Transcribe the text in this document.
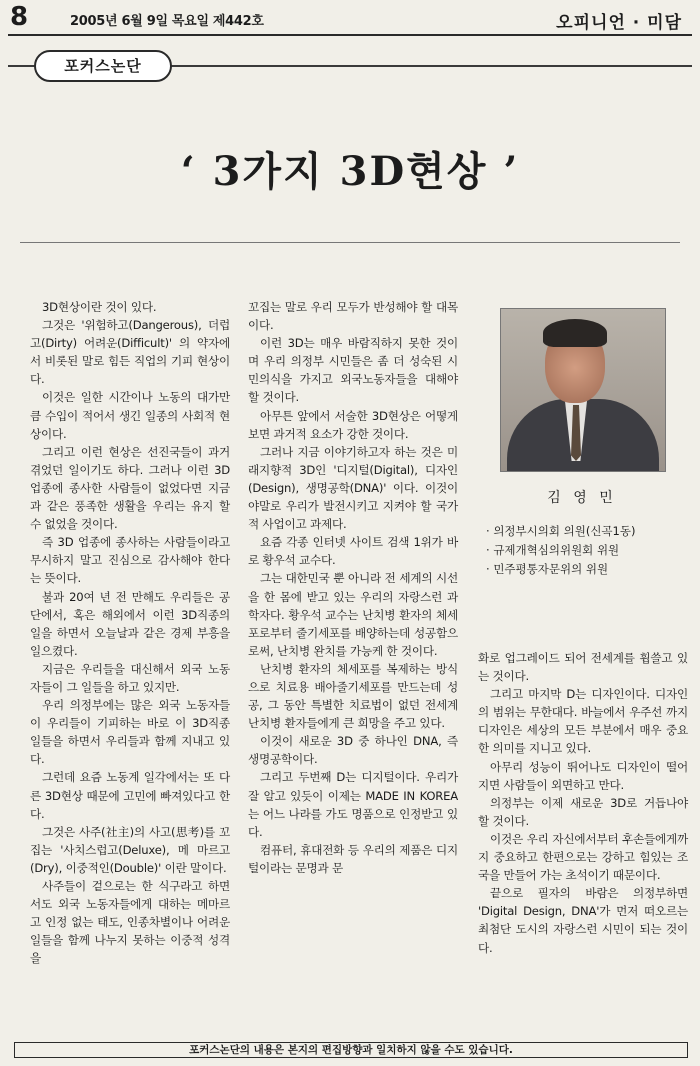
8	2005년 6월 9일 목요일 제442호	오피니언 · 미담
포커스논단
‘ 3가지 3D현상 ’

3D현상이란 것이 있다.

그것은 '위험하고(Dangerous), 더럽고(Dirty) 어려운(Difficult)' 의 약자에서 비롯된 말로 힘든 직업의 기피 현상이다.

이것은 일한 시간이나 노동의 대가만큼 수입이 적어서 생긴 일종의 사회적 현상이다.

그리고 이런 현상은 선진국들이 과거 겪었던 일이기도 하다. 그러나 이런 3D업종에 종사한 사람들이 없었다면 지금과 같은 풍족한 생활을 우리는 유지 할 수 없었을 것이다.

즉 3D 업종에 종사하는 사람들이라고 무시하지 말고 진심으로 감사해야 한다는 뜻이다.

불과 20여 년 전 만해도 우리들은 공단에서, 혹은 해외에서 이런 3D직종의 일을 하면서 오늘날과 같은 경제 부흥을 일으켰다.

지금은 우리들을 대신해서 외국 노동자들이 그 일들을 하고 있지만.

우리 의정부에는 많은 외국 노동자들이 우리들이 기피하는 바로 이 3D직종 일들을 하면서 우리들과 함께 지내고 있다.

그런데 요즘 노동계 일각에서는 또 다른 3D현상 때문에 고민에 빠져있다고 한다.

그것은 사주(社主)의 사고(思考)를 꼬집는 '사치스럽고(Deluxe), 메 마르고(Dry), 이중적인(Double)' 이란 말이다.

사주들이 겉으로는 한 식구라고 하면서도 외국 노동자들에게 대하는 메마르고 인정 없는 태도, 인종차별이나 어려운 일들을 함께 나누지 못하는 이중적 성격을

꼬집는 말로 우리 모두가 반성해야 할 대목이다.

이런 3D는 매우 바람직하지 못한 것이며 우리 의정부 시민들은 좀 더 성숙된 시민의식을 가지고 외국노동자들을 대해야 할 것이다.

아무튼 앞에서 서술한 3D현상은 어떻게 보면 과거적 요소가 강한 것이다.

그러나 지금 이야기하고자 하는 것은 미래지향적 3D인 '디지털(Digital), 디자인(Design), 생명공학(DNA)' 이다. 이것이야말로 우리가 발전시키고 지켜야 할 국가적 사업이고 과제다.

요즘 각종 인터넷 사이트 검색 1위가 바로 황우석 교수다.

그는 대한민국 뿐 아니라 전 세계의 시선을 한 몸에 받고 있는 우리의 자랑스런 과학자다. 황우석 교수는 난치병 환자의 체세포로부터 줄기세포를 배양하는데 성공함으로써, 난치병 완치를 가능케 한 것이다.

난치병 환자의 체세포를 복제하는 방식으로 치료용 배아줄기세포를 만드는데 성공, 그 동안 특별한 치료법이 없던 전세계 난치병 환자들에게 큰 희망을 주고 있다.

이것이 새로운 3D 중 하나인 DNA, 즉 생명공학이다.

그리고 두번째 D는 디지털이다. 우리가 잘 알고 있듯이 이제는 MADE IN KOREA는 어느 나라를 가도 명품으로 인정받고 있다.

컴퓨터, 휴대전화 등 우리의 제품은 디지털이라는 문명과 문

김 영 민
· 의정부시의회 의원(신곡1동)
· 규제개혁심의위원회 위원
· 민주평통자문위의 위원

화로 업그레이드 되어 전세계를 휩쓸고 있는 것이다.

그리고 마지막 D는 디자인이다. 디자인의 범위는 무한대다. 바늘에서 우주선 까지 디자인은 세상의 모든 부분에서 매우 중요한 의미를 지니고 있다.

아무리 성능이 뛰어나도 디자인이 떨어지면 사람들이 외면하고 만다.

의정부는 이제 새로운 3D로 거듭나야 할 것이다.

이것은 우리 자신에서부터 후손들에게까지 중요하고 한편으로는 강하고 힘있는 조국을 만들어 가는 초석이기 때문이다.

끝으로 필자의 바람은 의정부하면 'Digital Design, DNA'가 먼저 떠오르는 최첨단 도시의 자랑스런 시민이 되는 것이다.

포커스논단의 내용은 본지의 편집방향과 일치하지 않을 수도 있습니다.
